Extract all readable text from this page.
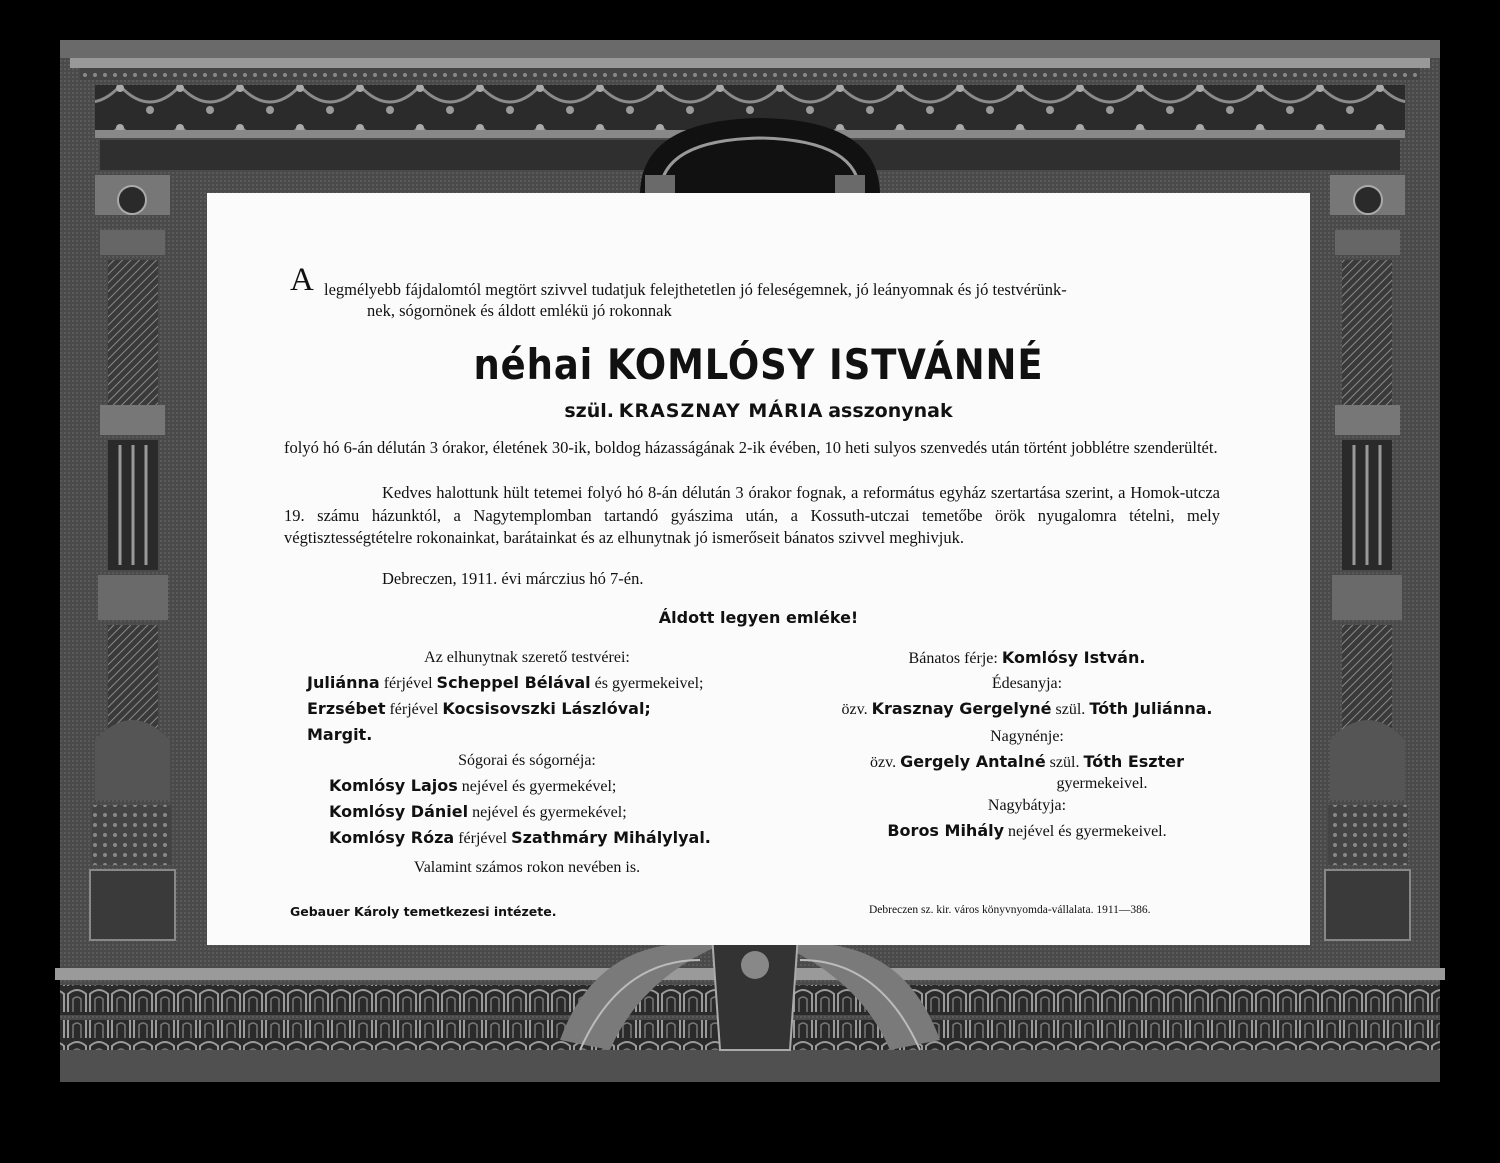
A legmélyebb fájdalomtól megtört szivvel tudatjuk felejthetetlen jó feleségemnek, jó leányomnak és jó testvérünk-
nek, sógornönek és áldott emlékü jó rokonnak
néhai KOMLÓSY ISTVÁNNÉ
szül. KRASZNAY MÁRIA asszonynak
folyó hó 6-án délután 3 órakor, életének 30-ik, boldog házasságának 2-ik évében, 10 heti sulyos szenvedés után történt jobblétre szenderültét.
Kedves halottunk hült tetemei folyó hó 8-án délután 3 órakor fognak, a református egyház szertartása szerint, a Homok-utcza 19. számu házunktól, a Nagytemplomban tartandó gyászima után, a Kossuth-utczai temetőbe örök nyugalomra tételni, mely végtisztességtételre rokonainkat, barátainkat és az elhunytnak jó ismerőseit bánatos szivvel meghivjuk.
Debreczen, 1911. évi márczius hó 7-én.
Áldott legyen emléke!
Az elhunytnak szerető testvérei:
Juliánna férjével Scheppel Bélával és gyermekeivel;
Erzsébet férjével Kocsisovszki Lászlóval;
Margit.
Sógorai és sógornéja:
Komlósy Lajos nejével és gyermekével;
Komlósy Dániel nejével és gyermekével;
Komlósy Róza férjével Szathmáry Mihálylyal.
Valamint számos rokon nevében is.
Bánatos férje: Komlósy István.
Édesanyja:
özv. Krasznay Gergelyné szül. Tóth Juliánna.
Nagynénje:
özv. Gergely Antalné szül. Tóth Eszter
gyermekeivel.
Nagybátyja:
Boros Mihály nejével és gyermekeivel.
Gebauer Károly temetkezesi intézete.	Debreczen sz. kir. város könyvnyomda-vállalata. 1911—386.
